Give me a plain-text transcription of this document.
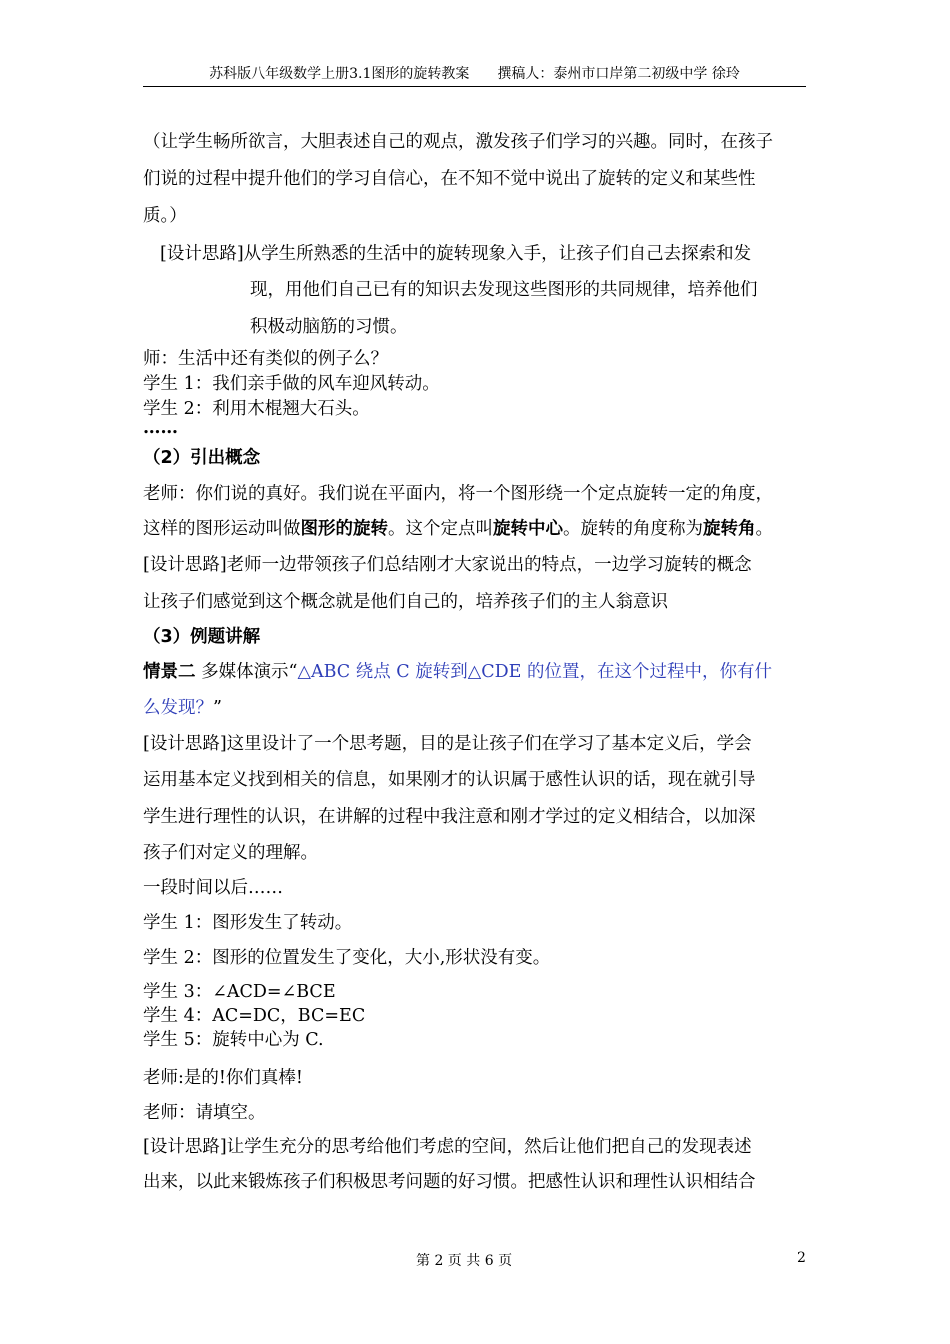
苏科版八年级数学上册3.1图形的旋转教案 撰稿人：泰州市口岸第二初级中学 徐玲
（让学生畅所欲言，大胆表述自己的观点，激发孩子们学习的兴趣。同时，在孩子
们说的过程中提升他们的学习自信心，在不知不觉中说出了旋转的定义和某些性
质。）
[设计思路]从学生所熟悉的生活中的旋转现象入手，让孩子们自己去探索和发
现，用他们自己已有的知识去发现这些图形的共同规律，培养他们
积极动脑筋的习惯。
师：生活中还有类似的例子么？
学生 1：我们亲手做的风车迎风转动。
学生 2：利用木棍翘大石头。
……
（2）引出概念
老师：你们说的真好。我们说在平面内，将一个图形绕一个定点旋转一定的角度，
这样的图形运动叫做图形的旋转。这个定点叫旋转中心。旋转的角度称为旋转角。
[设计思路]老师一边带领孩子们总结刚才大家说出的特点，一边学习旋转的概念
让孩子们感觉到这个概念就是他们自己的，培养孩子们的主人翁意识
（3）例题讲解
情景二 多媒体演示“△ABC 绕点 C 旋转到△CDE 的位置，在这个过程中，你有什
么发现？”
[设计思路]这里设计了一个思考题，目的是让孩子们在学习了基本定义后，学会
运用基本定义找到相关的信息，如果刚才的认识属于感性认识的话，现在就引导
学生进行理性的认识，在讲解的过程中我注意和刚才学过的定义相结合，以加深
孩子们对定义的理解。
一段时间以后……
学生 1：图形发生了转动。
学生 2：图形的位置发生了变化，大小,形状没有变。
学生 3：∠ACD=∠BCE
学生 4：AC=DC，BC=EC
学生 5：旋转中心为 C.
老师:是的!你们真棒!
老师：请填空。
[设计思路]让学生充分的思考给他们考虑的空间，然后让他们把自己的发现表述
出来，以此来锻炼孩子们积极思考问题的好习惯。把感性认识和理性认识相结合
第 2 页 共 6 页	2
